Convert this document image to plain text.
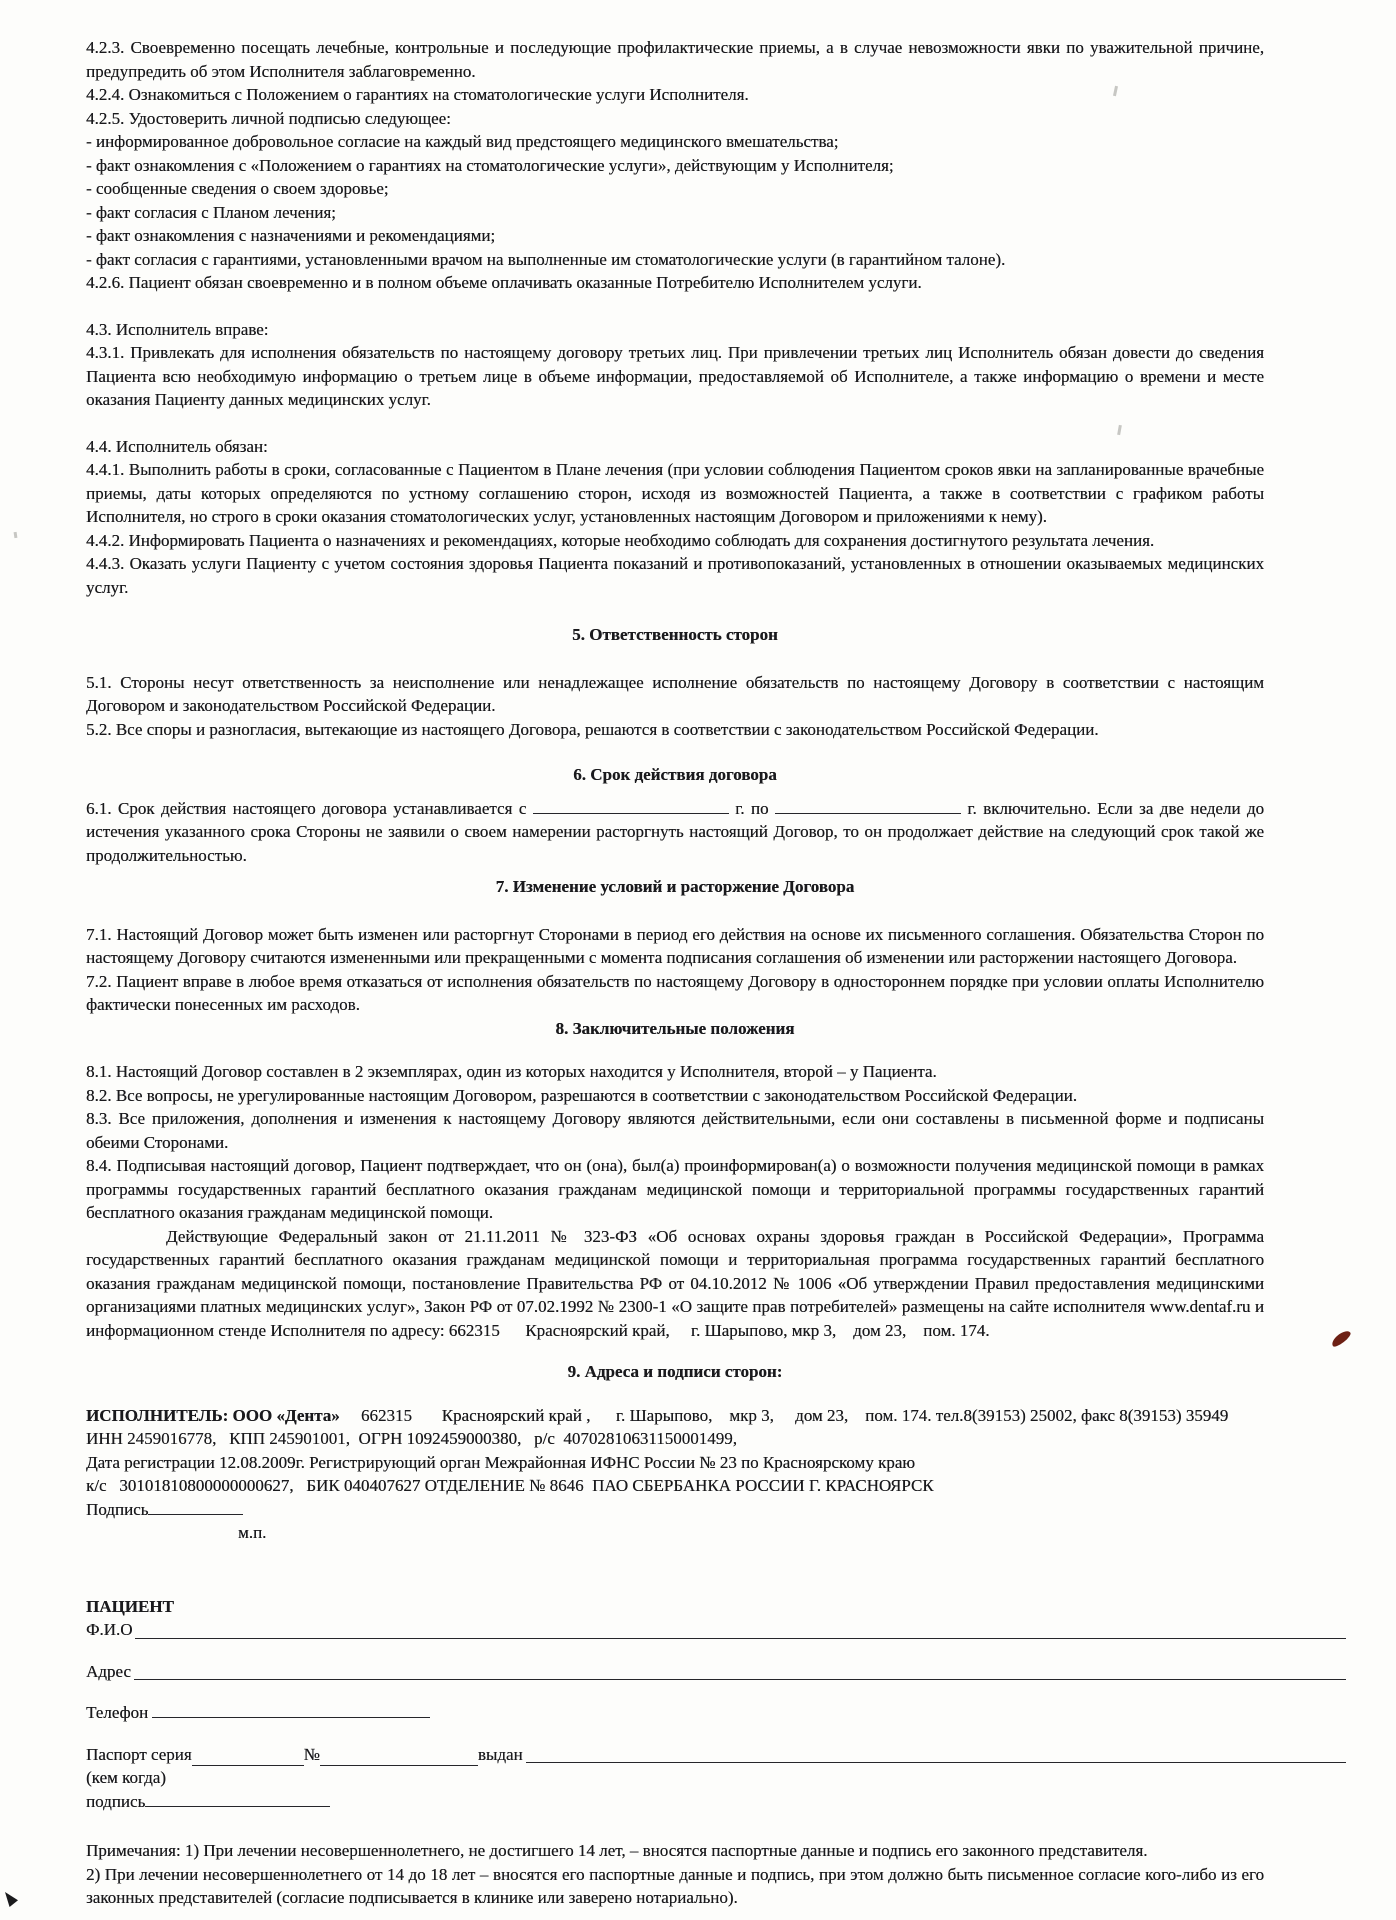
4.2.3. Своевременно посещать лечебные, контрольные и последующие профилактические приемы, а в случае невозможности явки по уважительной причине, предупредить об этом Исполнителя заблаговременно.

4.2.4. Ознакомиться с Положением о гарантиях на стоматологические услуги Исполнителя.

4.2.5. Удостоверить личной подписью следующее:

- информированное добровольное согласие на каждый вид предстоящего медицинского вмешательства;

- факт ознакомления с «Положением о гарантиях на стоматологические услуги», действующим у Исполнителя;

- сообщенные сведения о своем здоровье;

- факт согласия с Планом лечения;

- факт ознакомления с назначениями и рекомендациями;

- факт согласия с гарантиями, установленными врачом на выполненные им стоматологические услуги (в гарантийном талоне).

4.2.6. Пациент обязан своевременно и в полном объеме оплачивать оказанные Потребителю Исполнителем услуги.

4.3. Исполнитель вправе:

4.3.1. Привлекать для исполнения обязательств по настоящему договору третьих лиц. При привлечении третьих лиц Исполнитель обязан довести до сведения Пациента всю необходимую информацию о третьем лице в объеме информации, предоставляемой об Исполнителе, а также информацию о времени и месте оказания Пациенту данных медицинских услуг.

4.4. Исполнитель обязан:

4.4.1. Выполнить работы в сроки, согласованные с Пациентом в Плане лечения (при условии соблюдения Пациентом сроков явки на запланированные врачебные приемы, даты которых определяются по устному соглашению сторон, исходя из возможностей Пациента, а также в соответствии с графиком работы Исполнителя, но строго в сроки оказания стоматологических услуг, установленных настоящим Договором и приложениями к нему).

4.4.2. Информировать Пациента о назначениях и рекомендациях, которые необходимо соблюдать для сохранения достигнутого результата лечения.

4.4.3. Оказать услуги Пациенту с учетом состояния здоровья Пациента показаний и противопоказаний, установленных в отношении оказываемых медицинских услуг.

5. Ответственность сторон

5.1. Стороны несут ответственность за неисполнение или ненадлежащее исполнение обязательств по настоящему Договору в соответствии с настоящим Договором и законодательством Российской Федерации.

5.2. Все споры и разногласия, вытекающие из настоящего Договора, решаются в соответствии с законодательством Российской Федерации.

6. Срок действия договора

6.1. Срок действия настоящего договора устанавливается с	г. по	г. включительно. Если за две недели до истечения указанного срока Стороны не заявили о своем намерении расторгнуть настоящий Договор, то он продолжает действие на следующий срок такой же продолжительностью.

7. Изменение условий и расторжение Договора

7.1. Настоящий Договор может быть изменен или расторгнут Сторонами в период его действия на основе их письменного соглашения. Обязательства Сторон по настоящему Договору считаются измененными или прекращенными с момента подписания соглашения об изменении или расторжении настоящего Договора.

7.2. Пациент вправе в любое время отказаться от исполнения обязательств по настоящему Договору в одностороннем порядке при условии оплаты Исполнителю фактически понесенных им расходов.

8. Заключительные положения

8.1. Настоящий Договор составлен в 2 экземплярах, один из которых находится у Исполнителя, второй – у Пациента.

8.2. Все вопросы, не урегулированные настоящим Договором, разрешаются в соответствии с законодательством Российской Федерации.

8.3. Все приложения, дополнения и изменения к настоящему Договору являются действительными, если они составлены в письменной форме и подписаны обеими Сторонами.

8.4. Подписывая настоящий договор, Пациент подтверждает, что он (она), был(а) проинформирован(а) о возможности получения медицинской помощи в рамках программы государственных гарантий бесплатного оказания гражданам медицинской помощи и территориальной программы государственных гарантий бесплатного оказания гражданам медицинской помощи.

Действующие Федеральный закон от 21.11.2011 № 323-ФЗ «Об основах охраны здоровья граждан в Российской Федерации», Программа государственных гарантий бесплатного оказания гражданам медицинской помощи и территориальная программа государственных гарантий бесплатного оказания гражданам медицинской помощи, постановление Правительства РФ от 04.10.2012 № 1006 «Об утверждении Правил предоставления медицинскими организациями платных медицинских услуг», Закон РФ от 07.02.1992 № 2300-1 «О защите прав потребителей» размещены на сайте исполнителя www.dentaf.ru и информационном стенде Исполнителя по адресу: 662315      Красноярский край,     г. Шарыпово, мкр 3,    дом 23,    пом. 174.

9. Адреса и подписи сторон:

ИСПОЛНИТЕЛЬ: ООО «Дента»     662315       Красноярский край ,      г. Шарыпово,    мкр 3,     дом 23,    пом. 174. тел.8(39153) 25002, факс 8(39153) 35949

ИНН 2459016778,   КПП 245901001,  ОГРН 1092459000380,   р/с  40702810631150001499,

Дата регистрации 12.08.2009г. Регистрирующий орган Межрайонная ИФНС России № 23 по Красноярскому краю

к/с   30101810800000000627,   БИК 040407627 ОТДЕЛЕНИЕ № 8646  ПАО СБЕРБАНКА РОССИИ Г. КРАСНОЯРСК

Подпись

м.п.

ПАЦИЕНТ

Ф.И.О
Адрес
Телефон
Паспорт серия	№	выдан

(кем когда)

подпись

Примечания: 1) При лечении несовершеннолетнего, не достигшего 14 лет, – вносятся паспортные данные и подпись его законного представителя.

2) При лечении несовершеннолетнего от 14 до 18 лет – вносятся его паспортные данные и подпись, при этом должно быть письменное согласие кого-либо из его законных представителей (согласие подписывается в клинике или заверено нотариально).
